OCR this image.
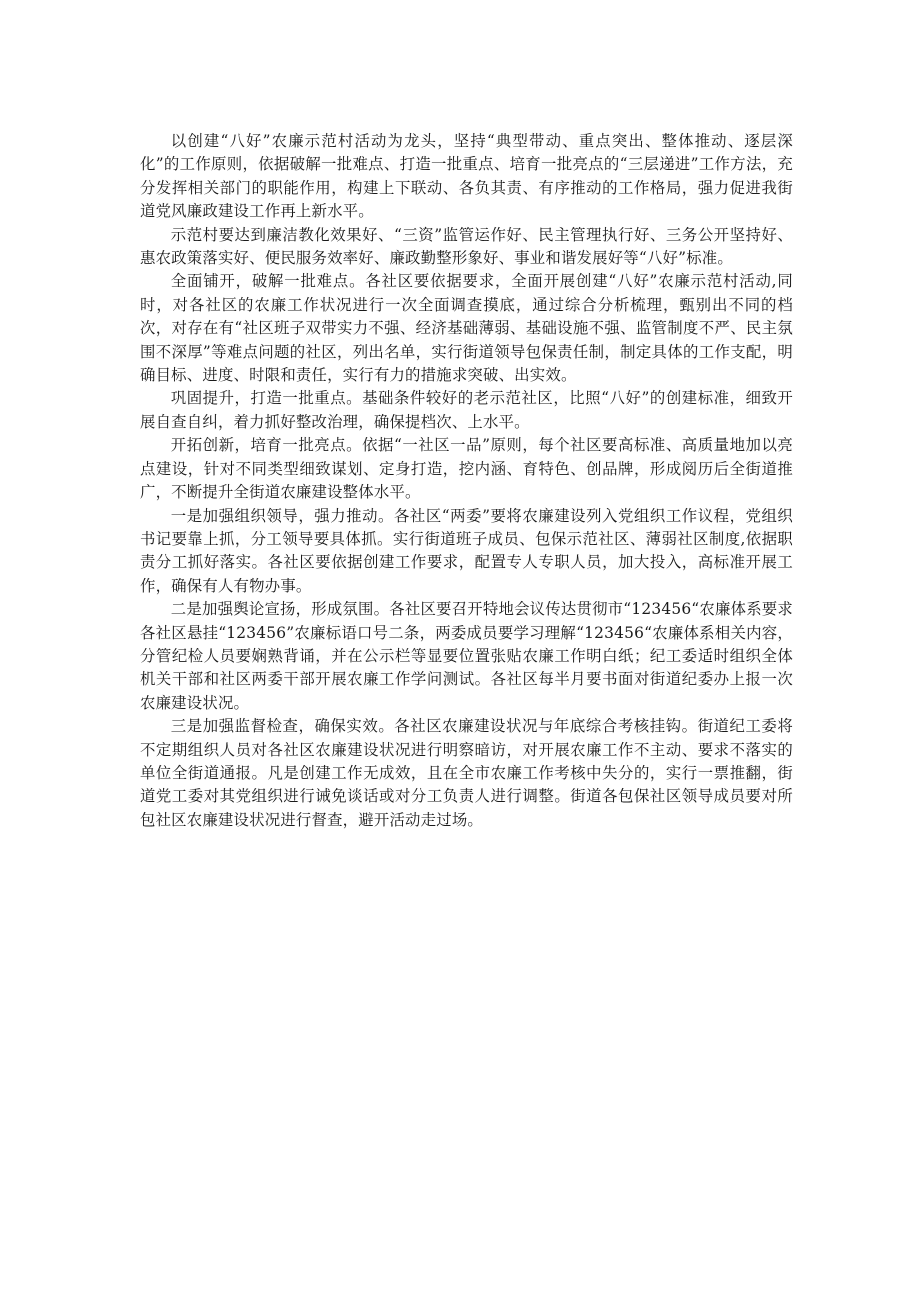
以创建“八好”农廉示范村活动为龙头，坚持“典型带动、重点突出、整体推动、逐层深化”的工作原则，依据破解一批难点、打造一批重点、培育一批亮点的“三层递进”工作方法，充分发挥相关部门的职能作用，构建上下联动、各负其责、有序推动的工作格局，强力促进我街道党风廉政建设工作再上新水平。

示范村要达到廉洁教化效果好、“三资”监管运作好、民主管理执行好、三务公开坚持好、惠农政策落实好、便民服务效率好、廉政勤整形象好、事业和谐发展好等“八好”标准。

全面铺开，破解一批难点。各社区要依据要求，全面开展创建“八好”农廉示范村活动,同时，对各社区的农廉工作状况进行一次全面调查摸底，通过综合分析梳理，甄别出不同的档次，对存在有“社区班子双带实力不强、经济基础薄弱、基础设施不强、监管制度不严、民主氛围不深厚”等难点问题的社区，列出名单，实行街道领导包保责任制，制定具体的工作支配，明确目标、进度、时限和责任，实行有力的措施求突破、出实效。

巩固提升，打造一批重点。基础条件较好的老示范社区，比照“八好”的创建标准，细致开展自查自纠，着力抓好整改治理，确保提档次、上水平。

开拓创新，培育一批亮点。依据“一社区一品”原则，每个社区要高标准、高质量地加以亮点建设，针对不同类型细致谋划、定身打造，挖内涵、育特色、创品牌，形成阅历后全街道推广，不断提升全街道农廉建设整体水平。

一是加强组织领导，强力推动。各社区“两委”要将农廉建设列入党组织工作议程，党组织书记要靠上抓，分工领导要具体抓。实行街道班子成员、包保示范社区、薄弱社区制度,依据职责分工抓好落实。各社区要依据创建工作要求，配置专人专职人员，加大投入，高标准开展工作，确保有人有物办事。

二是加强舆论宣扬，形成氛围。各社区要召开特地会议传达贯彻市“123456“农廉体系要求各社区悬挂“123456”农廉标语口号二条，两委成员要学习理解“123456“农廉体系相关内容，分管纪检人员要娴熟背诵，并在公示栏等显要位置张贴农廉工作明白纸；纪工委适时组织全体机关干部和社区两委干部开展农廉工作学问测试。各社区每半月要书面对街道纪委办上报一次农廉建设状况。

三是加强监督检查，确保实效。各社区农廉建设状况与年底综合考核挂钩。街道纪工委将不定期组织人员对各社区农廉建设状况进行明察暗访，对开展农廉工作不主动、要求不落实的单位全街道通报。凡是创建工作无成效，且在全市农廉工作考核中失分的，实行一票推翻，街道党工委对其党组织进行诫免谈话或对分工负责人进行调整。街道各包保社区领导成员要对所包社区农廉建设状况进行督查，避开活动走过场。
